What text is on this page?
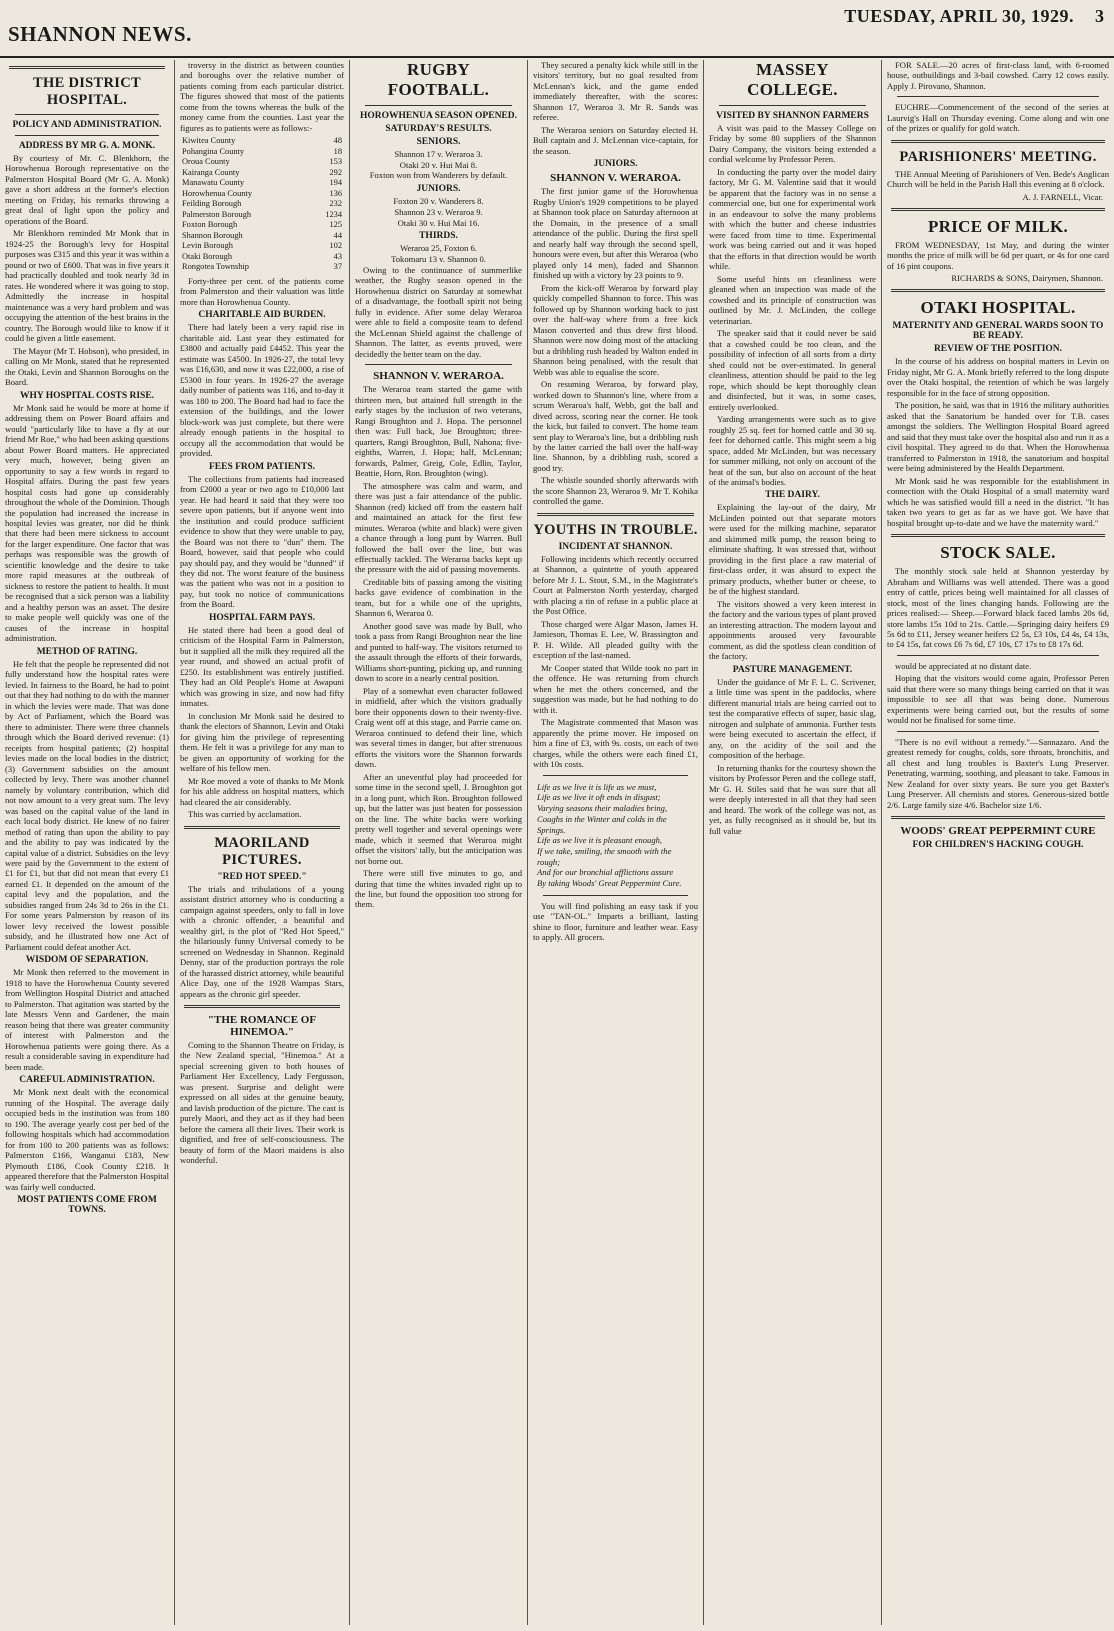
SHANNON NEWS.
TUESDAY, APRIL 30, 1929. 3
THE DISTRICT HOSPITAL.
POLICY AND ADMINISTRATION.
ADDRESS BY MR G. A. MONK.

By courtesy of Mr. C. Blenkhorn, the Horowhenua Borough representative on the Palmerston Hospital Board (Mr G. A. Monk) gave a short address at the former's election meeting on Friday, his remarks throwing a great deal of light upon the policy and operations of the Board.

Mr Blenkhorn reminded Mr Monk that in 1924-25 the Borough's levy for Hospital purposes was £315 and this year it was within a pound or two of £600. That was in five years it had practically doubled and took nearly 3d in rates. He wondered where it was going to stop. Admittedly the increase in hospital maintenance was a very hard problem and was occupying the attention of the best brains in the country. The Borough would like to know if it could be given a little easement.

The Mayor (Mr T. Hobson), who presided, in calling on Mr Monk, stated that he represented the Otaki, Levin and Shannon Boroughs on the Board.

WHY HOSPITAL COSTS RISE.

Mr Monk said he would be more at home if addressing them on Power Board affairs and would "particularly like to have a fly at our friend Mr Roe," who had been asking questions about Power Board matters. He appreciated very much, however, being given an opportunity to say a few words in regard to Hospital affairs. During the past few years hospital costs had gone up considerably throughout the whole of the Dominion. Though the population had increased the increase in hospital levies was greater, nor did he think that there had been mere sickness to account for the larger expenditure. One factor that was perhaps was responsible was the growth of scientific knowledge and the desire to take more rapid measures at the outbreak of sickness to restore the patient to health. It must be recognised that a sick person was a liability and a healthy person was an asset. The desire to make people well quickly was one of the causes of the increase in hospital administration.

METHOD OF RATING.

He felt that the people he represented did not fully understand how the hospital rates were levied. In fairness to the Board, he had to point out that they had nothing to do with the manner in which the levies were made. That was done by Act of Parliament, which the Board was there to administer. There were three channels through which the Board derived revenue: (1) receipts from hospital patients; (2) hospital levies made on the local bodies in the district; (3) Government subsidies on the amount collected by levy. There was another channel namely by voluntary contribution, which did not now amount to a very great sum. The levy was based on the capital value of the land in each local body district. He knew of no fairer method of rating than upon the ability to pay and the ability to pay was indicated by the capital value of a district. Subsidies on the levy were paid by the Government to the extent of £1 for £1, but that did not mean that every £1 earned £1. It depended on the amount of the capital levy and the population, and the subsidies ranged from 24s 3d to 26s in the £1. For some years Palmerston by reason of its lower levy received the lowest possible subsidy, and he illustrated how one Act of Parliament could defeat another Act.

WISDOM OF SEPARATION.

Mr Monk then referred to the movement in 1918 to have the Horowhenua County severed from Wellington Hospital District and attached to Palmerston. That agitation was started by the late Messrs Venn and Gardener, the main reason being that there was greater community of interest with Palmerston and the Horowhenua patients were going there. As a result a considerable saving in expenditure had been made.

CAREFUL ADMINISTRATION.

Mr Monk next dealt with the economical running of the Hospital. The average daily occupied beds in the institution was from 180 to 190. The average yearly cost per bed of the following hospitals which had accommodation for from 100 to 200 patients was as follows: Palmerston £166, Wanganui £183, New Plymouth £186, Cook County £218. It appeared therefore that the Palmerston Hospital was fairly well conducted.

MOST PATIENTS COME FROM TOWNS.

troversy in the district as between counties and boroughs over the relative number of patients coming from each particular district. The figures showed that most of the patients come from the towns whereas the bulk of the money came from the counties. Last year the figures as to patients were as follows:-

Kiwitea County	48
Pohangina County	18
Oroua County	153
Kairanga County	292
Manawatu County	194
Horowhenua County	136
Feilding Borough	232
Palmerston Borough	1234
Foxton Borough	125
Shannon Borough	44
Levin Borough	102
Otaki Borough	43
Rongotea Township	37

Forty-three per cent. of the patients come from Palmerston and their valuation was little more than Horowhenua County.

CHARITABLE AID BURDEN.

There had lately been a very rapid rise in charitable aid. Last year they estimated for £3800 and actually paid £4452. This year the estimate was £4500. In 1926-27, the total levy was £16,630, and now it was £22,000, a rise of £5300 in four years. In 1926-27 the average daily number of patients was 116, and to-day it was 180 to 200. The Board had had to face the extension of the buildings, and the lower block-work was just complete, but there were already enough patients in the hospital to occupy all the accommodation that would be provided.

FEES FROM PATIENTS.

The collections from patients had increased from £2000 a year or two ago to £10,000 last year. He had heard it said that they were too severe upon patients, but if anyone went into the institution and could produce sufficient evidence to show that they were unable to pay, the Board was not there to "dun" them. The Board, however, said that people who could pay should pay, and they would be "dunned" if they did not. The worst feature of the business was the patient who was not in a position to pay, but took no notice of communications from the Board.

HOSPITAL FARM PAYS.

He stated there had been a good deal of criticism of the Hospital Farm in Palmerston, but it supplied all the milk they required all the year round, and showed an actual profit of £250. Its establishment was entirely justified. They had an Old People's Home at Awapuni which was growing in size, and now had fifty inmates.

In conclusion Mr Monk said he desired to thank the electors of Shannon, Levin and Otaki for giving him the privilege of representing them. He felt it was a privilege for any man to be given an opportunity of working for the welfare of his fellow men.

Mr Roe moved a vote of thanks to Mr Monk for his able address on hospital matters, which had cleared the air considerably.

This was carried by acclamation.

MAORILAND PICTURES.
"RED HOT SPEED."

The trials and tribulations of a young assistant district attorney who is conducting a campaign against speeders, only to fall in love with a chronic offender, a beautiful and wealthy girl, is the plot of "Red Hot Speed," the hilariously funny Universal comedy to be screened on Wednesday in Shannon. Reginald Denny, star of the production portrays the role of the harassed district attorney, while beautiful Alice Day, one of the 1928 Wampas Stars, appears as the chronic girl speeder.

"THE ROMANCE OF HINEMOA."

Coming to the Shannon Theatre on Friday, is the New Zealand special, "Hinemoa." At a special screening given to both houses of Parliament Her Excellency, Lady Fergusson, was present. Surprise and delight were expressed on all sides at the genuine beauty, and lavish production of the picture. The cast is purely Maori, and they act as if they had been before the camera all their lives. Their work is dignified, and free of self-consciousness. The beauty of form of the Maori maidens is also wonderful.

RUGBY FOOTBALL.
HOROWHENUA SEASON OPENED.
SATURDAY'S RESULTS.
SENIORS.
Shannon 17 v. Weraroa 3.
Otaki 20 v. Hui Mai 8.
Foxton won from Wanderers by default.
JUNIORS.
Foxton 20 v. Wanderers 8.
Shannon 23 v. Weraroa 9.
Otaki 30 v. Hui Mai 16.
THIRDS.
Weraroa 25, Foxton 6.
Tokomaru 13 v. Shannon 0.

Owing to the continuance of summerlike weather, the Rugby season opened in the Horowhenua district on Saturday at somewhat of a disadvantage, the football spirit not being fully in evidence. After some delay Weraroa were able to field a composite team to defend the McLennan Shield against the challenge of Shannon. The latter, as events proved, were decidedly the better team on the day.

SHANNON V. WERAROA.

The Weraroa team started the game with thirteen men, but attained full strength in the early stages by the inclusion of two veterans, Rangi Broughton and J. Hopa. The personnel then was: Full back, Joe Broughton; three-quarters, Rangi Broughton, Bull, Nahona; five-eighths, Warren, J. Hopa; half, McLennan; forwards, Palmer, Greig, Cole, Edlin, Taylor, Beattie, Horn, Ron. Broughton (wing).

The atmosphere was calm and warm, and there was just a fair attendance of the public. Shannon (red) kicked off from the eastern half and maintained an attack for the first few minutes. Weraroa (white and black) were given a chance through a long punt by Warren. Bull followed the ball over the line, but was effectually tackled. The Weraroa backs kept up the pressure with the aid of passing movements.

Creditable bits of passing among the visiting backs gave evidence of combination in the team, but for a while one of the uprights, Shannon 6, Weraroa 0.

Another good save was made by Bull, who took a pass from Rangi Broughton near the line and punted to half-way. The visitors returned to the assault through the efforts of their forwards, Williams short-punting, picking up, and running down to score in a nearly central position.

Play of a somewhat even character followed in midfield, after which the visitors gradually bore their opponents down to their twenty-five. Craig went off at this stage, and Parrie came on. Weraroa continued to defend their line, which was several times in danger, but after strenuous efforts the visitors wore the Shannon forwards down.

After an uneventful play had proceeded for some time in the second spell, J. Broughton got in a long punt, which Ron. Broughton followed up, but the latter was just beaten for possession on the line. The white backs were working pretty well together and several openings were made, which it seemed that Weraroa might offset the visitors' tally, but the anticipation was not borne out.

There were still five minutes to go, and during that time the whites invaded right up to the line, but found the opposition too strong for them.

They secured a penalty kick while still in the visitors' territory, but no goal resulted from McLennan's kick, and the game ended immediately thereafter, with the scores: Shannon 17, Weraroa 3. Mr R. Sands was referee.

The Weraroa seniors on Saturday elected H. Bull captain and J. McLennan vice-captain, for the season.

JUNIORS.
SHANNON V. WERAROA.

The first junior game of the Horowhenua Rugby Union's 1929 competitions to be played at Shannon took place on Saturday afternoon at the Domain, in the presence of a small attendance of the public. During the first spell and nearly half way through the second spell, honours were even, but after this Weraroa (who played only 14 men), faded and Shannon finished up with a victory by 23 points to 9.

From the kick-off Weraroa by forward play quickly compelled Shannon to force. This was followed up by Shannon working back to just over the half-way where from a free kick Mason converted and thus drew first blood. Shannon were now doing most of the attacking but a dribbling rush headed by Walton ended in Shannon being penalised, with the result that Webb was able to equalise the score.

On resuming Weraroa, by forward play, worked down to Shannon's line, where from a scrum Weraroa's half, Webb, got the ball and dived across, scoring near the corner. He took the kick, but failed to convert. The home team sent play to Weraroa's line, but a dribbling rush by the latter carried the ball over the half-way line. Shannon, by a dribbling rush, scored a good try.

The whistle sounded shortly afterwards with the score Shannon 23, Weraroa 9. Mr T. Kohika controlled the game.

YOUTHS IN TROUBLE.
INCIDENT AT SHANNON.

Following incidents which recently occurred at Shannon, a quintette of youth appeared before Mr J. L. Stout, S.M., in the Magistrate's Court at Palmerston North yesterday, charged with placing a tin of refuse in a public place at the Post Office.

Those charged were Algar Mason, James H. Jamieson, Thomas E. Lee, W. Brassington and P. H. Wilde. All pleaded guilty with the exception of the last-named.

Mr Cooper stated that Wilde took no part in the offence. He was returning from church when he met the others concerned, and the suggestion was made, but he had nothing to do with it.

The Magistrate commented that Mason was apparently the prime mover. He imposed on him a fine of £3, with 9s. costs, on each of two charges, while the others were each fined £1, with 10s costs.

Life as we live it is life as we must,
Life as we live it oft ends in disgust;
Varying seasons their maladies bring,
Coughs in the Winter and colds in the Springs.
Life as we live it is pleasant enough,
If we take, smiling, the smooth with the rough;
And for our bronchial afflictions assure
By taking Woods' Great Peppermint Cure.

You will find polishing an easy task if you use "TAN-OL." Imparts a brilliant, lasting shine to floor, furniture and leather wear. Easy to apply. All grocers.

MASSEY COLLEGE.
VISITED BY SHANNON FARMERS

A visit was paid to the Massey College on Friday by some 80 suppliers of the Shannon Dairy Company, the visitors being extended a cordial welcome by Professor Peren.

In conducting the party over the model dairy factory, Mr G. M. Valentine said that it would be apparent that the factory was in no sense a commercial one, but one for experimental work in an endeavour to solve the many problems with which the butter and cheese industries were faced from time to time. Experimental work was being carried out and it was hoped that the efforts in that direction would be worth while.

Some useful hints on cleanliness were gleaned when an inspection was made of the cowshed and its principle of construction was outlined by Mr. J. McLinden, the college veterinarian.

The speaker said that it could never be said that a cowshed could be too clean, and the possibility of infection of all sorts from a dirty shed could not be over-estimated. In general cleanliness, attention should be paid to the leg rope, which should be kept thoroughly clean and disinfected, but it was, in some cases, entirely overlooked.

Yarding arrangements were such as to give roughly 25 sq. feet for horned cattle and 30 sq. feet for dehorned cattle. This might seem a big space, added Mr McLinden, but was necessary for summer milking, not only on account of the heat of the sun, but also on account of the heat of the animal's bodies.

THE DAIRY.

Explaining the lay-out of the dairy, Mr McLinden pointed out that separate motors were used for the milking machine, separator and skimmed milk pump, the reason being to eliminate shafting. It was stressed that, without providing in the first place a raw material of first-class order, it was absurd to expect the primary products, whether butter or cheese, to be of the highest standard.

The visitors showed a very keen interest in the factory and the various types of plant proved an interesting attraction. The modern layout and appointments aroused very favourable comment, as did the spotless clean condition of the factory.

PASTURE MANAGEMENT.

Under the guidance of Mr F. L. C. Scrivener, a little time was spent in the paddocks, where different manurial trials are being carried out to test the comparative effects of super, basic slag, nitrogen and sulphate of ammonia. Further tests were being executed to ascertain the effect, if any, on the acidity of the soil and the composition of the herbage.

In returning thanks for the courtesy shown the visitors by Professor Peren and the college staff, Mr G. H. Stiles said that he was sure that all were deeply interested in all that they had seen and heard. The work of the college was not, as yet, as fully recognised as it should be, but its full value

FOR SALE.—20 acres of first-class land, with 6-roomed house, outbuildings and 3-bail cowshed. Carry 12 cows easily. Apply J. Pirovano, Shannon.

EUCHRE—Commencement of the second of the series at Laurvig's Hall on Thursday evening. Come along and win one of the prizes or qualify for gold watch.

PARISHIONERS' MEETING.

THE Annual Meeting of Parishioners of Ven. Bede's Anglican Church will be held in the Parish Hall this evening at 8 o'clock.

A. J. FARNELL, Vicar.
PRICE OF MILK.

FROM WEDNESDAY, 1st May, and during the winter months the price of milk will be 6d per quart, or 4s for one card of 16 pint coupons.

RICHARDS & SONS, Dairymen, Shannon.
OTAKI HOSPITAL.
MATERNITY AND GENERAL WARDS SOON TO BE READY.
REVIEW OF THE POSITION.

In the course of his address on hospital matters in Levin on Friday night, Mr G. A. Monk briefly referred to the long dispute over the Otaki hospital, the retention of which he was largely responsible for in the face of strong opposition.

The position, he said, was that in 1916 the military authorities asked that the Sanatorium be handed over for T.B. cases amongst the soldiers. The Wellington Hospital Board agreed and said that they must take over the hospital also and run it as a civil hospital. They agreed to do that. When the Horowhenua transferred to Palmerston in 1918, the sanatorium and hospital were being administered by the Health Department.

Mr Monk said he was responsible for the establishment in connection with the Otaki Hospital of a small maternity ward which he was satisfied would fill a need in the district. "It has taken two years to get as far as we have got. We have that hospital brought up-to-date and we have the maternity ward."

STOCK SALE.

The monthly stock sale held at Shannon yesterday by Abraham and Williams was well attended. There was a good entry of cattle, prices being well maintained for all classes of stock, most of the lines changing hands. Following are the prices realised:— Sheep.—Forward black faced lambs 20s 6d, store lambs 15s 10d to 21s. Cattle.—Springing dairy heifers £9 5s 6d to £11, Jersey weaner heifers £2 5s, £3 10s, £4 4s, £4 13s, to £4 15s, fat cows £6 7s 6d, £7 10s, £7 17s to £8 17s 6d.

would be appreciated at no distant date.

Hoping that the visitors would come again, Professor Peren said that there were so many things being carried on that it was impossible to see all that was being done. Numerous experiments were being carried out, but the results of some would not be finalised for some time.

"There is no evil without a remedy."—Sannazaro. And the greatest remedy for coughs, colds, sore throats, bronchitis, and all chest and lung troubles is Baxter's Lung Preserver. Penetrating, warming, soothing, and pleasant to take. Famous in New Zealand for over sixty years. Be sure you get Baxter's Lung Preserver. All chemists and stores. Generous-sized bottle 2/6. Large family size 4/6. Bachelor size 1/6.

WOODS' GREAT PEPPERMINT CURE
FOR CHILDREN'S HACKING COUGH.
